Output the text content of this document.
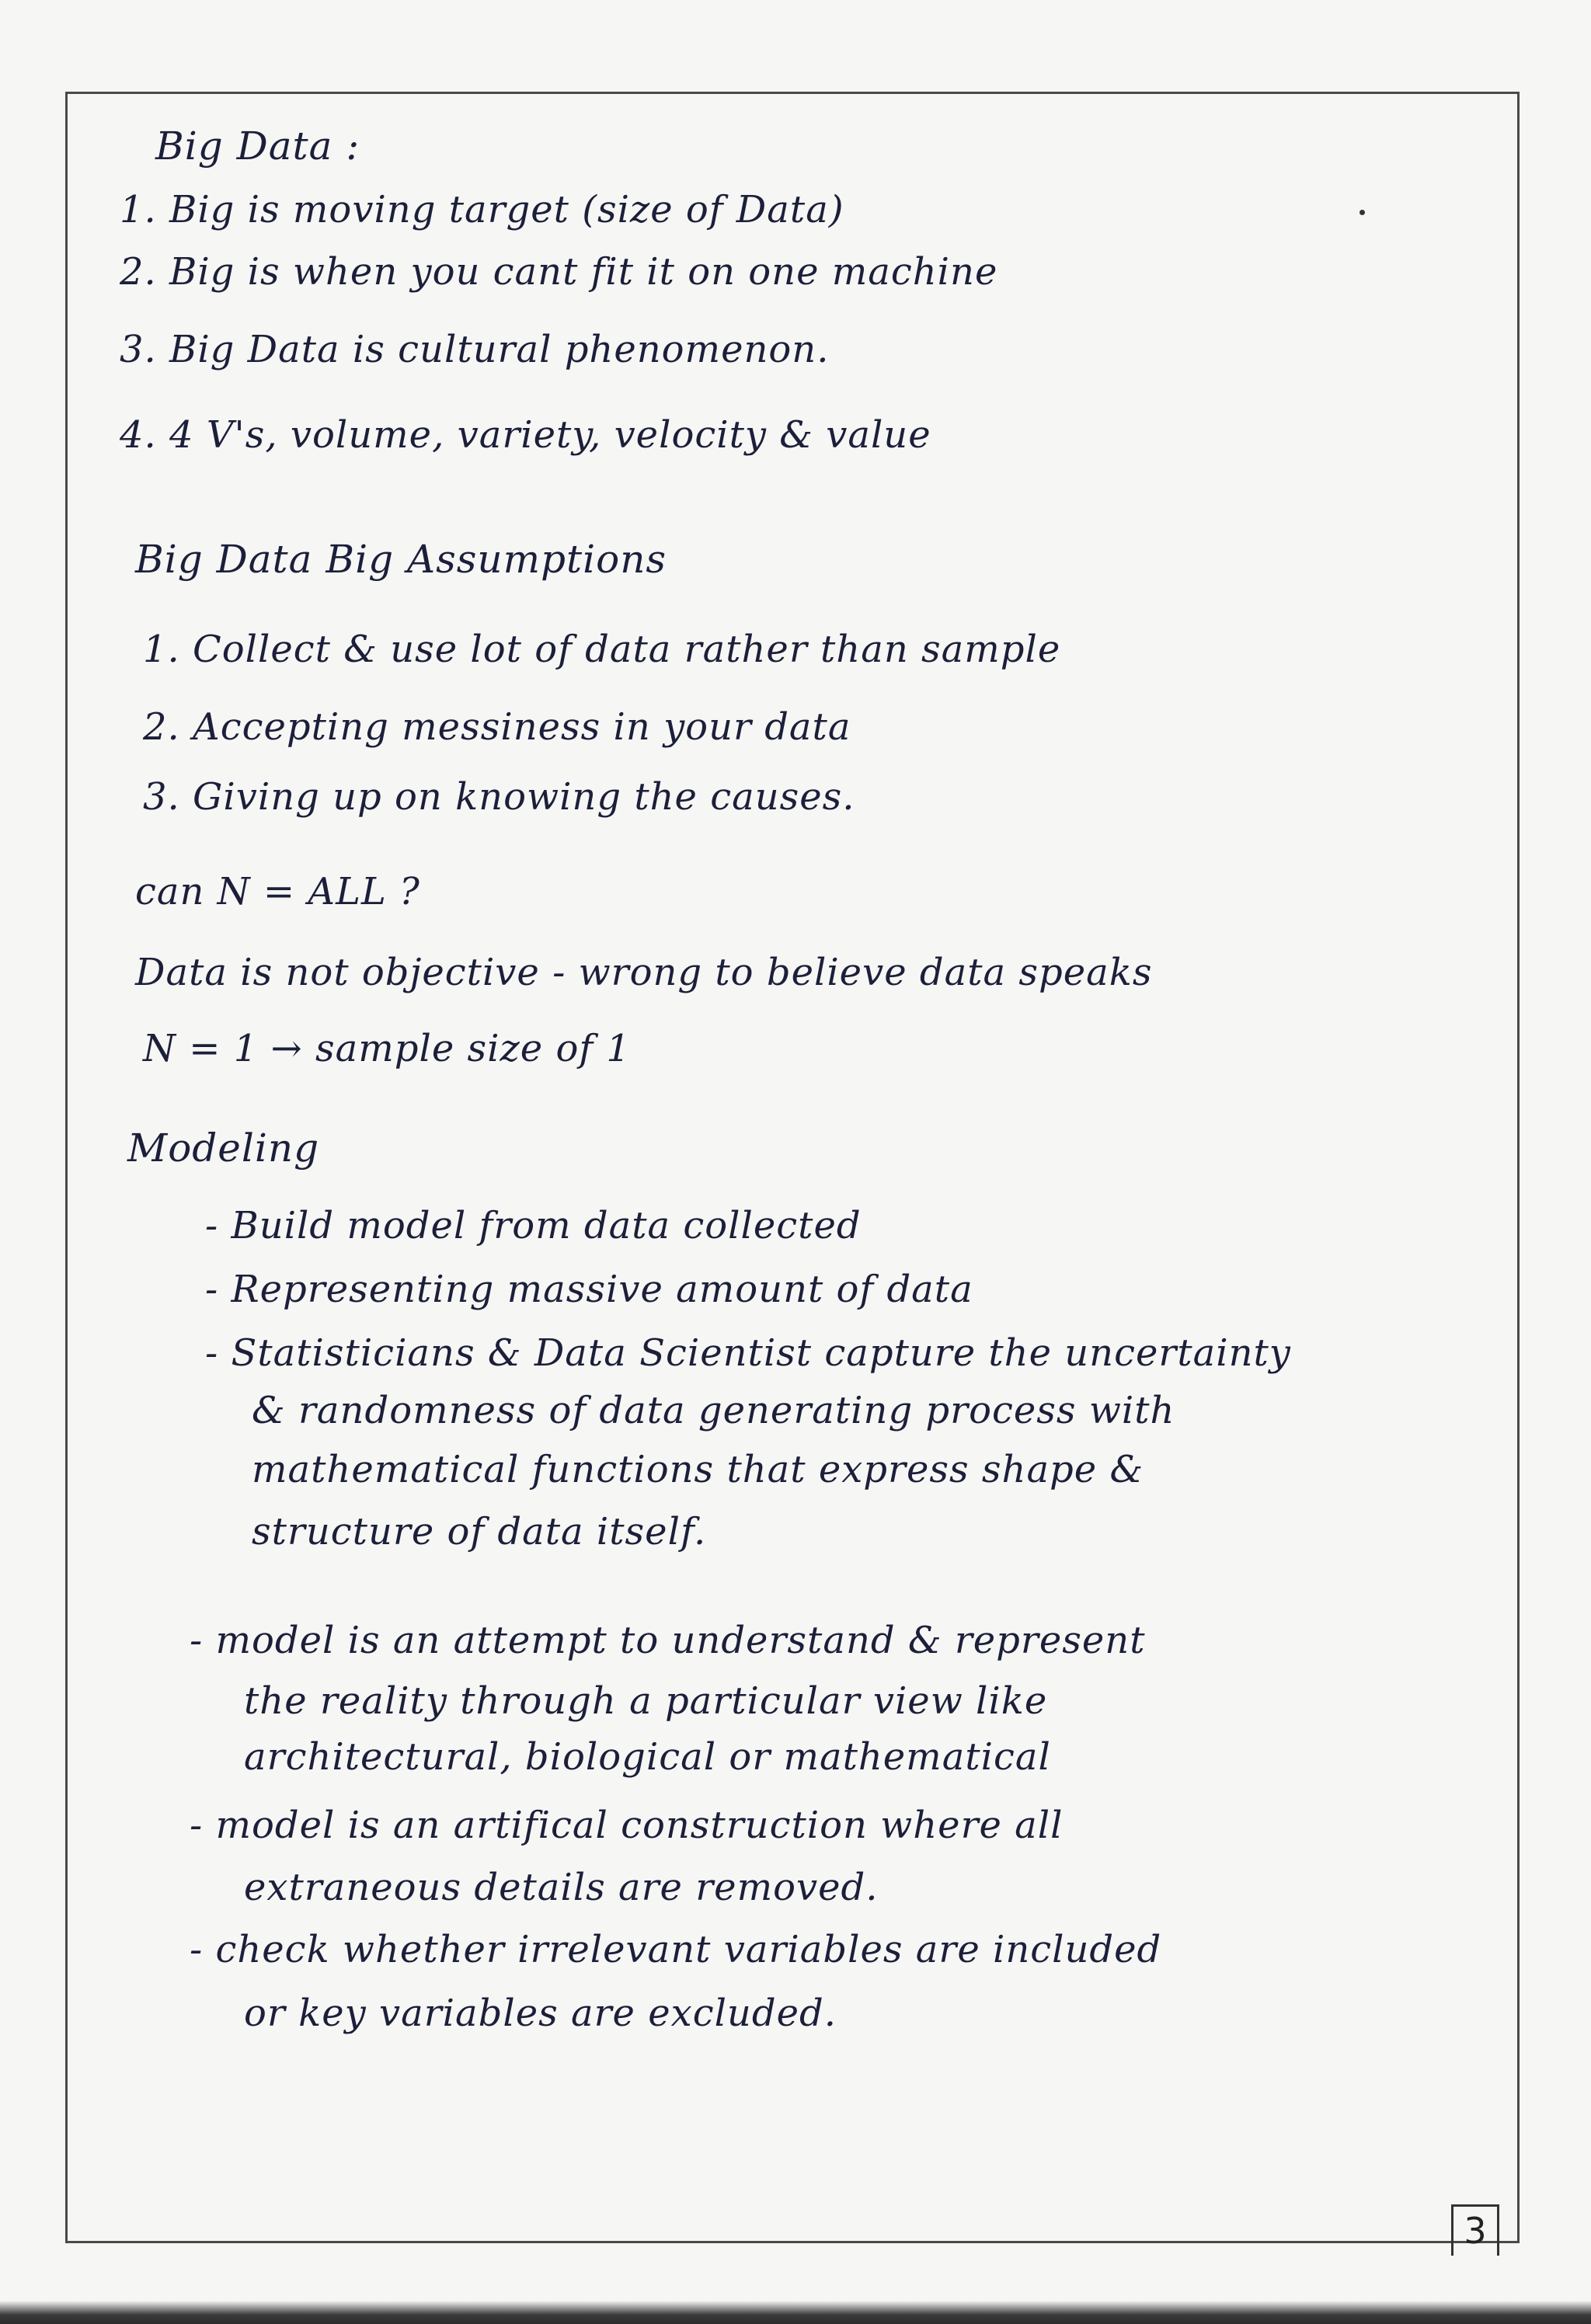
Big Data :
1. Big is moving target (size of Data)
2. Big is when you cant fit it on one machine
3. Big Data is cultural phenomenon.
4. 4 V's, volume, variety, velocity & value
Big Data Big Assumptions
1. Collect & use lot of data rather than sample
2. Accepting messiness in your data
3. Giving up on knowing the causes.
can N = ALL ?
Data is not objective - wrong to believe data speaks
N = 1 → sample size of 1
Modeling
- Build model from data collected
- Representing massive amount of data
- Statisticians & Data Scientist capture the uncertainty
& randomness of data generating process with
mathematical functions that express shape &
structure of data itself.
- model is an attempt to understand & represent
the reality through a particular view like
architectural, biological or mathematical
- model is an artifical construction where all
extraneous details are removed.
- check whether irrelevant variables are included
or key variables are excluded.
3
